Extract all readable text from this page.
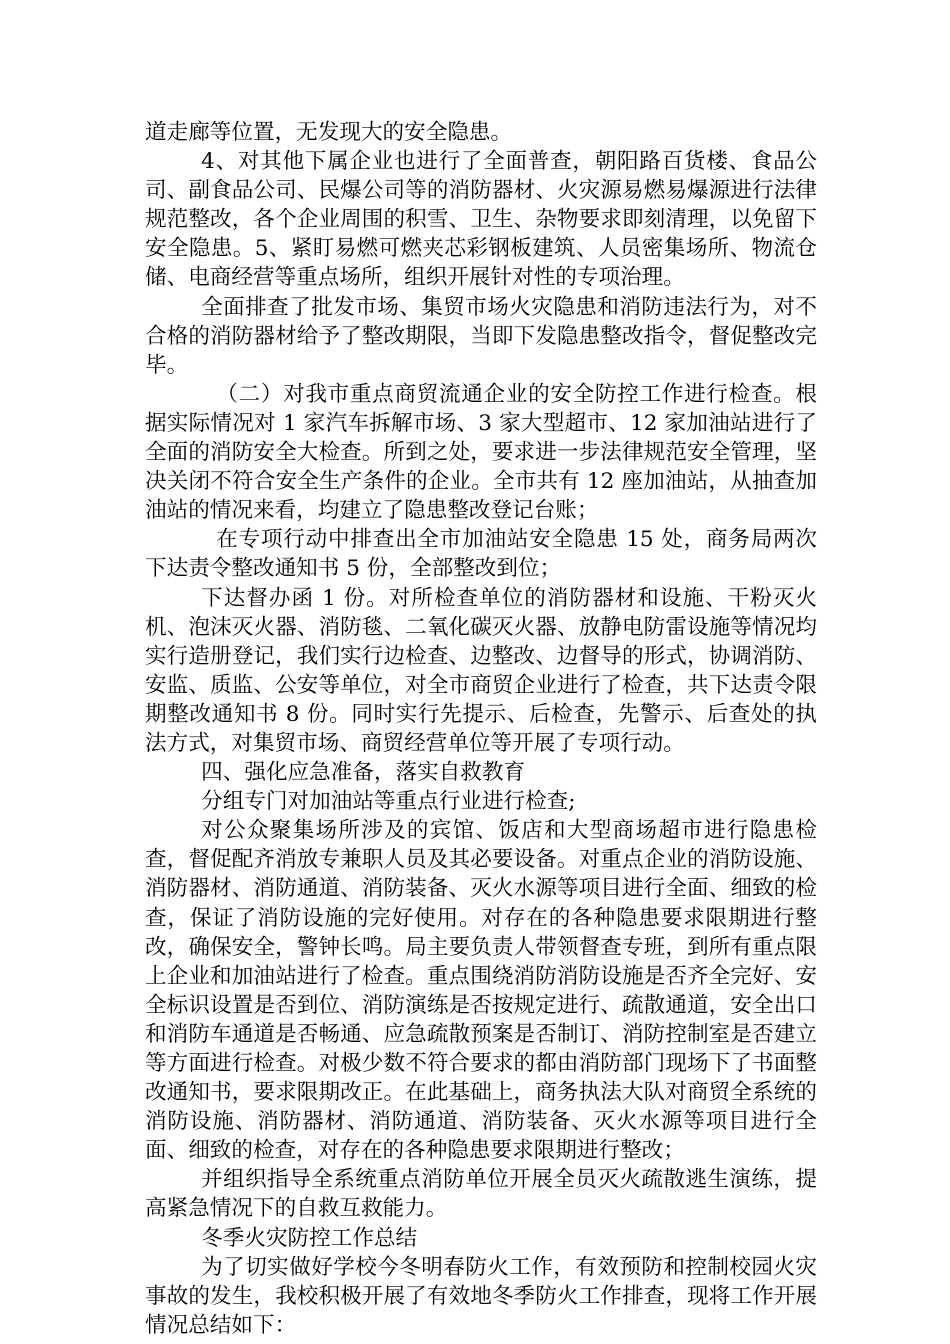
道走廊等位置，无发现大的安全隐患。

4、对其他下属企业也进行了全面普查，朝阳路百货楼、食品公司、副食品公司、民爆公司等的消防器材、火灾源易燃易爆源进行法律规范整改，各个企业周围的积雪、卫生、杂物要求即刻清理，以免留下安全隐患。5、紧盯易燃可燃夹芯彩钢板建筑、人员密集场所、物流仓储、电商经营等重点场所，组织开展针对性的专项治理。

全面排查了批发市场、集贸市场火灾隐患和消防违法行为，对不合格的消防器材给予了整改期限，当即下发隐患整改指令，督促整改完毕。

（二）对我市重点商贸流通企业的安全防控工作进行检查。根据实际情况对 1 家汽车拆解市场、3 家大型超市、12 家加油站进行了全面的消防安全大检查。所到之处，要求进一步法律规范安全管理，坚决关闭不符合安全生产条件的企业。全市共有 12 座加油站，从抽查加油站的情况来看，均建立了隐患整改登记台账；

在专项行动中排查出全市加油站安全隐患 15 处，商务局两次下达责令整改通知书 5 份，全部整改到位；

下达督办函 1 份。对所检查单位的消防器材和设施、干粉灭火机、泡沫灭火器、消防毯、二氧化碳灭火器、放静电防雷设施等情况均实行造册登记，我们实行边检查、边整改、边督导的形式，协调消防、安监、质监、公安等单位，对全市商贸企业进行了检查，共下达责令限期整改通知书 8 份。同时实行先提示、后检查，先警示、后查处的执法方式，对集贸市场、商贸经营单位等开展了专项行动。

四、强化应急准备，落实自救教育

分组专门对加油站等重点行业进行检查;

对公众聚集场所涉及的宾馆、饭店和大型商场超市进行隐患检查，督促配齐消放专兼职人员及其必要设备。对重点企业的消防设施、消防器材、消防通道、消防装备、灭火水源等项目进行全面、细致的检查，保证了消防设施的完好使用。对存在的各种隐患要求限期进行整改，确保安全，警钟长鸣。局主要负责人带领督查专班，到所有重点限上企业和加油站进行了检查。重点围绕消防消防设施是否齐全完好、安全标识设置是否到位、消防演练是否按规定进行、疏散通道，安全出口和消防车通道是否畅通、应急疏散预案是否制订、消防控制室是否建立等方面进行检查。对极少数不符合要求的都由消防部门现场下了书面整改通知书，要求限期改正。在此基础上，商务执法大队对商贸全系统的消防设施、消防器材、消防通道、消防装备、灭火水源等项目进行全面、细致的检查，对存在的各种隐患要求限期进行整改；

并组织指导全系统重点消防单位开展全员灭火疏散逃生演练，提高紧急情况下的自救互救能力。

冬季火灾防控工作总结

为了切实做好学校今冬明春防火工作，有效预防和控制校园火灾事故的发生，我校积极开展了有效地冬季防火工作排查，现将工作开展情况总结如下：
